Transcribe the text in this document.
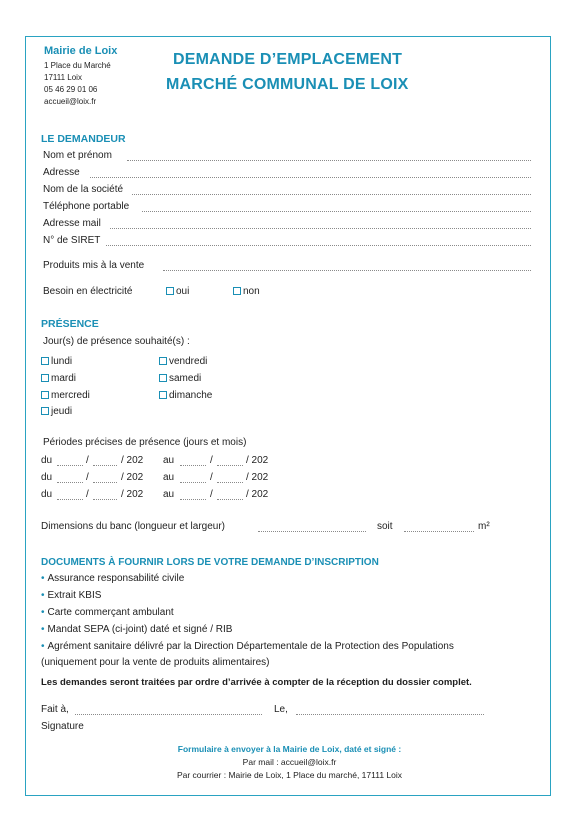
Mairie de Loix
1 Place du Marché
17111 Loix
05 46 29 01 06
accueil@loix.fr
DEMANDE D’EMPLACEMENT
MARCHÉ COMMUNAL DE LOIX
LE DEMANDEUR
Nom et prénom
Adresse
Nom de la société
Téléphone portable
Adresse mail
N° de SIRET
Produits mis à la vente
Besoin en électricité	oui	non
PRÉSENCE
Jour(s) de présence souhaité(s) :
lundi
mardi
mercredi
jeudi
vendredi
samedi
dimanche
Périodes précises de présence (jours et mois)
du	/	/ 202 au	/	/ 202
du	/	/ 202 au	/	/ 202
du	/	/ 202 au	/	/ 202
Dimensions du banc (longueur et largeur)	soit	m²
DOCUMENTS À FOURNIR LORS DE VOTRE DEMANDE D’INSCRIPTION
• Assurance responsabilité civile
• Extrait KBIS
• Carte commerçant ambulant
• Mandat SEPA (ci-joint) daté et signé / RIB
• Agrément sanitaire délivré par la Direction Départementale de la Protection des Populations
(uniquement pour la vente de produits alimentaires)
Les demandes seront traitées par ordre d’arrivée à compter de la réception du dossier complet.
Fait à,	Le,
Signature
Formulaire à envoyer à la Mairie de Loix, daté et signé :
Par mail : accueil@loix.fr
Par courrier : Mairie de Loix, 1 Place du marché, 17111 Loix
